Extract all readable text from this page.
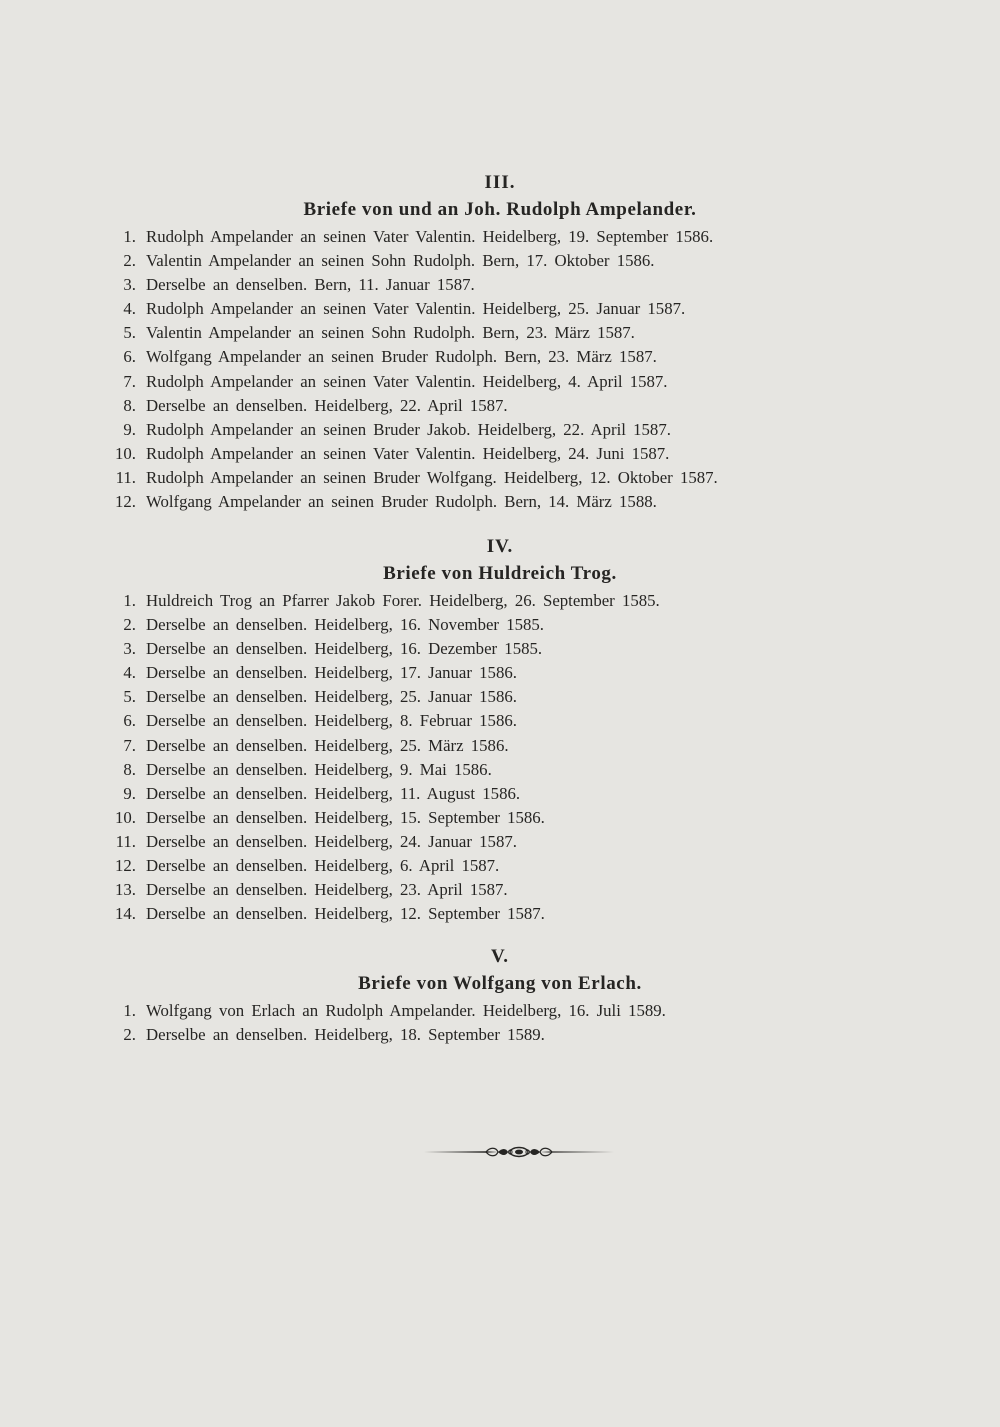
III.
Briefe von und an Joh. Rudolph Ampelander.
1. Rudolph Ampelander an seinen Vater Valentin. Heidelberg, 19. September 1586.
2. Valentin Ampelander an seinen Sohn Rudolph. Bern, 17. Oktober 1586.
3. Derselbe an denselben. Bern, 11. Januar 1587.
4. Rudolph Ampelander an seinen Vater Valentin. Heidelberg, 25. Januar 1587.
5. Valentin Ampelander an seinen Sohn Rudolph. Bern, 23. März 1587.
6. Wolfgang Ampelander an seinen Bruder Rudolph. Bern, 23. März 1587.
7. Rudolph Ampelander an seinen Vater Valentin. Heidelberg, 4. April 1587.
8. Derselbe an denselben. Heidelberg, 22. April 1587.
9. Rudolph Ampelander an seinen Bruder Jakob. Heidelberg, 22. April 1587.
10. Rudolph Ampelander an seinen Vater Valentin. Heidelberg, 24. Juni 1587.
11. Rudolph Ampelander an seinen Bruder Wolfgang. Heidelberg, 12. Oktober 1587.
12. Wolfgang Ampelander an seinen Bruder Rudolph. Bern, 14. März 1588.
IV.
Briefe von Huldreich Trog.
1. Huldreich Trog an Pfarrer Jakob Forer. Heidelberg, 26. September 1585.
2. Derselbe an denselben. Heidelberg, 16. November 1585.
3. Derselbe an denselben. Heidelberg, 16. Dezember 1585.
4. Derselbe an denselben. Heidelberg, 17. Januar 1586.
5. Derselbe an denselben. Heidelberg, 25. Januar 1586.
6. Derselbe an denselben. Heidelberg, 8. Februar 1586.
7. Derselbe an denselben. Heidelberg, 25. März 1586.
8. Derselbe an denselben. Heidelberg, 9. Mai 1586.
9. Derselbe an denselben. Heidelberg, 11. August 1586.
10. Derselbe an denselben. Heidelberg, 15. September 1586.
11. Derselbe an denselben. Heidelberg, 24. Januar 1587.
12. Derselbe an denselben. Heidelberg, 6. April 1587.
13. Derselbe an denselben. Heidelberg, 23. April 1587.
14. Derselbe an denselben. Heidelberg, 12. September 1587.
V.
Briefe von Wolfgang von Erlach.
1. Wolfgang von Erlach an Rudolph Ampelander. Heidelberg, 16. Juli 1589.
2. Derselbe an denselben. Heidelberg, 18. September 1589.
